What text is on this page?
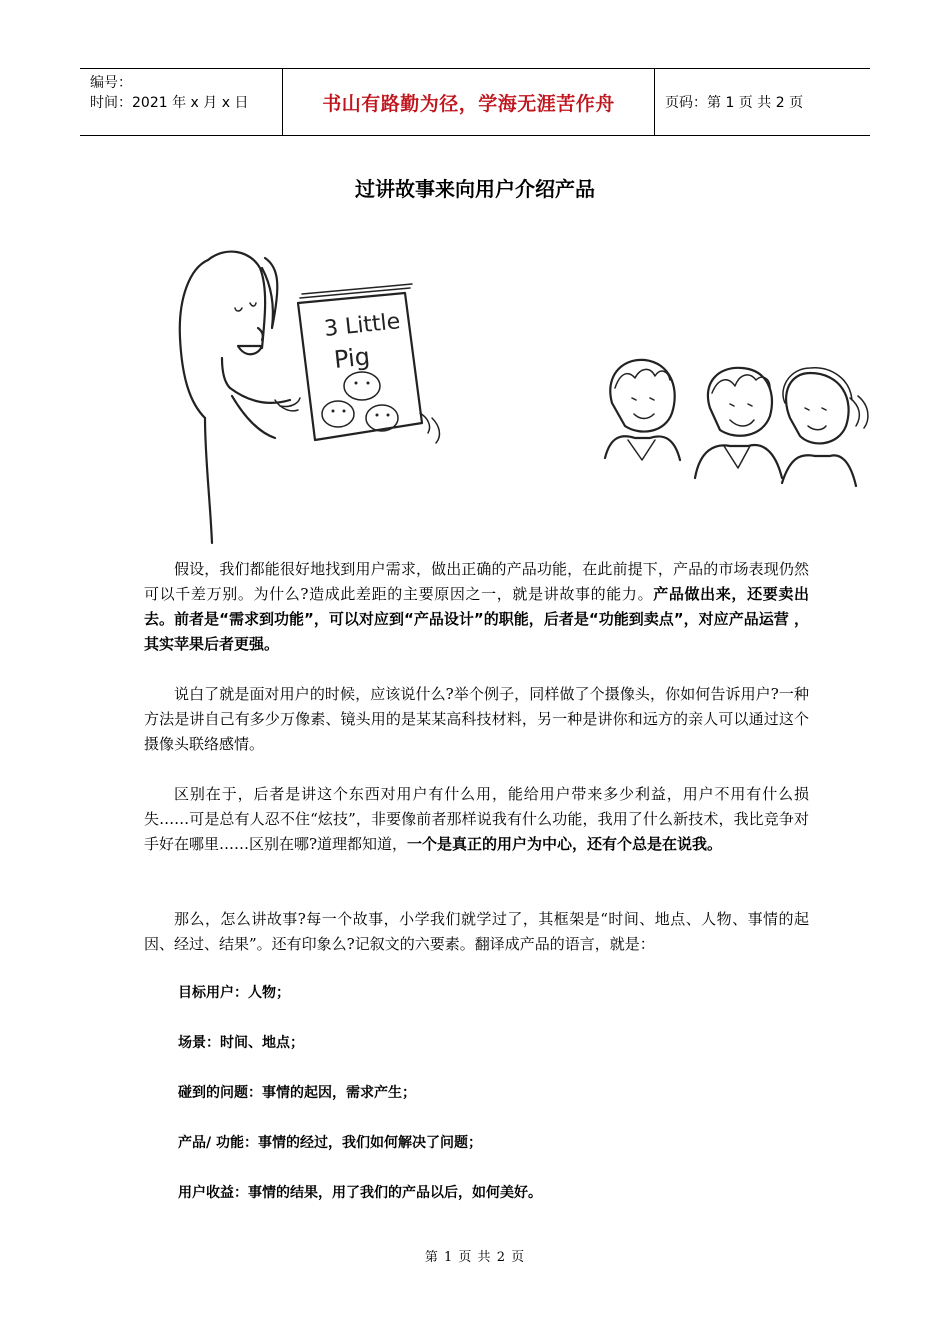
编号：
时间：2021 年 x 月 x 日	书山有路勤为径，学海无涯苦作舟	页码：第 1 页 共 2 页
过讲故事来向用户介绍产品
3 Little
Pig

假设，我们都能很好地找到用户需求，做出正确的产品功能，在此前提下，产品的市场表现仍然可以千差万别。为什么?造成此差距的主要原因之一，就是讲故事的能力。产品做出来，还要卖出去。前者是“需求到功能”，可以对应到“产品设计”的职能，后者是“功能到卖点”，对应产品运营 ，其实苹果后者更强。

说白了就是面对用户的时候，应该说什么?举个例子，同样做了个摄像头，你如何告诉用户?一种方法是讲自己有多少万像素、镜头用的是某某高科技材料，另一种是讲你和远方的亲人可以通过这个摄像头联络感情。

区别在于，后者是讲这个东西对用户有什么用，能给用户带来多少利益，用户不用有什么损失……可是总有人忍不住“炫技”，非要像前者那样说我有什么功能，我用了什么新技术，我比竞争对手好在哪里……区别在哪?道理都知道，一个是真正的用户为中心，还有个总是在说我。

那么，怎么讲故事?每一个故事，小学我们就学过了，其框架是“时间、地点、人物、事情的起因、经过、结果”。还有印象么?记叙文的六要素。翻译成产品的语言，就是：

目标用户：人物；
场景：时间、地点；
碰到的问题：事情的起因，需求产生；
产品/ 功能：事情的经过，我们如何解决了问题；
用户收益：事情的结果，用了我们的产品以后，如何美好。
第 1 页 共 2 页
